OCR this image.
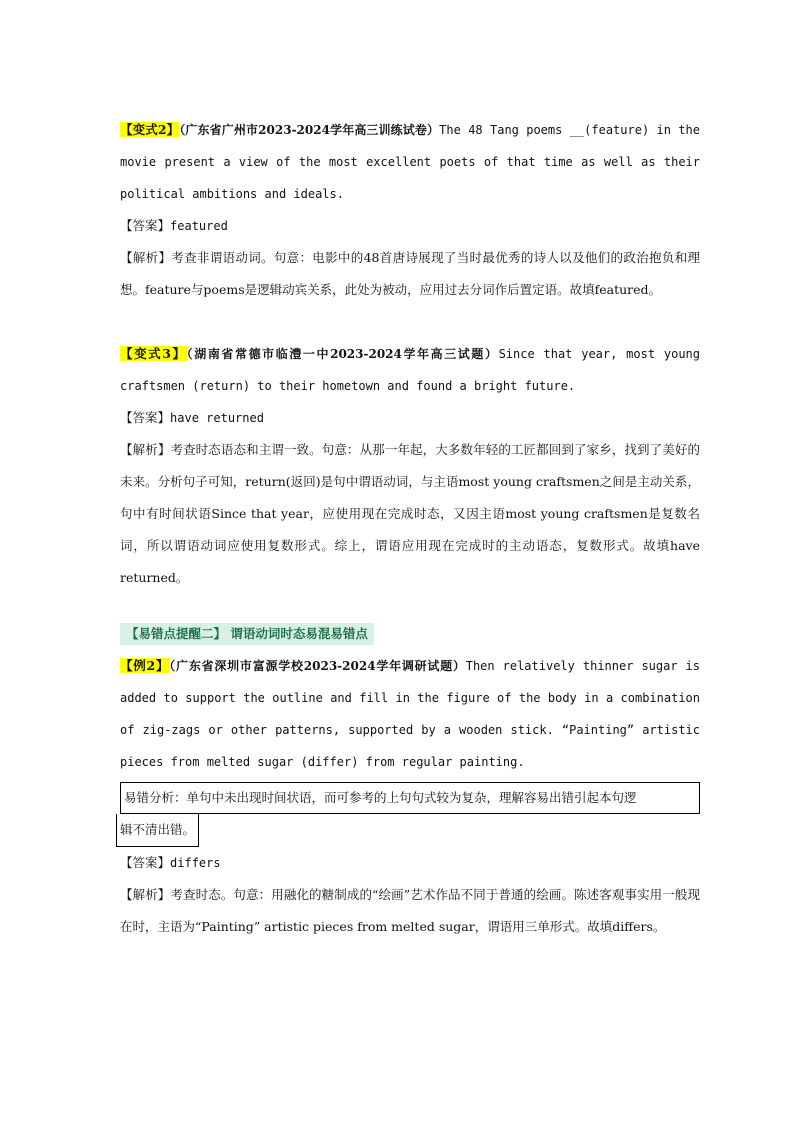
【变式2】（广东省广州市2023-2024学年高三训练试卷）The 48 Tang poems __(feature) in the movie present a view of the most excellent poets of that time as well as their political ambitions and ideals.

【答案】featured

【解析】考查非谓语动词。句意：电影中的48首唐诗展现了当时最优秀的诗人以及他们的政治抱负和理想。feature与poems是逻辑动宾关系，此处为被动，应用过去分词作后置定语。故填featured。

【变式3】（湖南省常德市临澧一中2023-2024学年高三试题）Since that year, most young craftsmen (return) to their hometown and found a bright future.

【答案】have returned

【解析】考查时态语态和主谓一致。句意：从那一年起，大多数年轻的工匠都回到了家乡，找到了美好的未来。分析句子可知，return(返回)是句中谓语动词，与主语most young craftsmen之间是主动关系，句中有时间状语Since that year，应使用现在完成时态，又因主语most young craftsmen是复数名词，所以谓语动词应使用复数形式。综上，谓语应用现在完成时的主动语态，复数形式。故填have returned。

【易错点提醒二】 谓语动词时态易混易错点

【例2】（广东省深圳市富源学校2023-2024学年调研试题）Then relatively thinner sugar is added to support the outline and fill in the figure of the body in a combination of zig-zags or other patterns, supported by a wooden stick. “Painting” artistic pieces from melted sugar (differ) from regular painting.

易错分析：单句中未出现时间状语，而可参考的上句句式较为复杂，理解容易出错引起本句逻

辑不清出错。

【答案】differs

【解析】考查时态。句意：用融化的糖制成的“绘画”艺术作品不同于普通的绘画。陈述客观事实用一般现在时，主语为“Painting” artistic pieces from melted sugar，谓语用三单形式。故填differs。
